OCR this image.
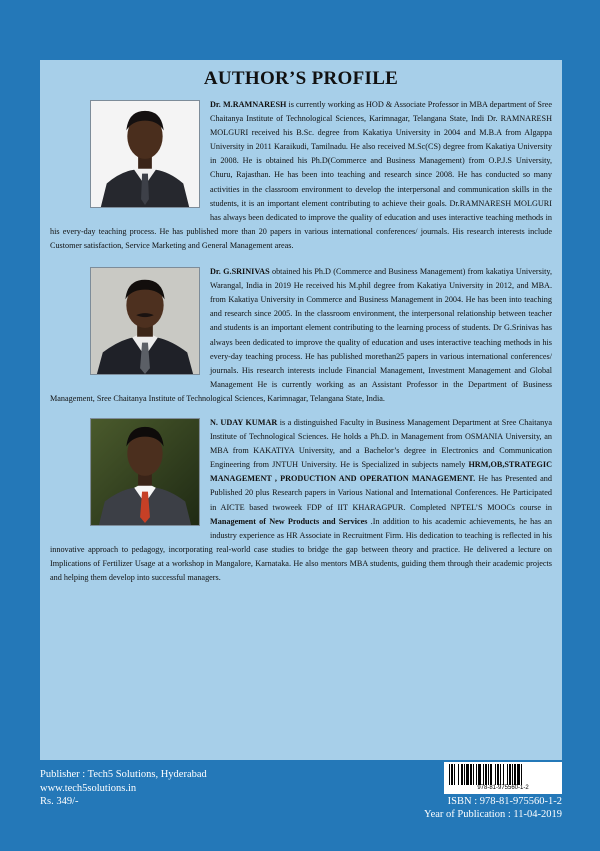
AUTHOR’S PROFILE

Dr. M.RAMNARESH is currently working as HOD & Associate Professor in MBA department of Sree Chaitanya Institute of Technological Sciences, Karimnagar, Telangana State, Indi Dr. RAMNARESH MOLGURI received his B.Sc. degree from Kakatiya University in 2004 and M.B.A from Algappa University in 2011 Karaikudi, Tamilnadu. He also received M.Sc(CS) degree from Kakatiya University in 2008. He is obtained his Ph.D(Commerce and Business Management) from O.P.J.S University, Churu, Rajasthan. He has been into teaching and research since 2008. He has conducted so many activities in the classroom environment to develop the interpersonal and communication skills in the students, it is an important element contributing to achieve their goals. Dr.RAMNARESH MOLGURI has always been dedicated to improve the quality of education and uses interactive teaching methods in his every-day teaching process. He has published more than 20 papers in various international conferences/ journals. His research interests include Customer satisfaction, Service Marketing and General Management areas.

Dr. G.SRINIVAS obtained his Ph.D (Commerce and Business Management) from kakatiya University, Warangal, India in 2019 He received his M.phil degree from Kakatiya University in 2012, and MBA. from Kakatiya University in Commerce and Business Management in 2004. He has been into teaching and research since 2005. In the classroom environment, the interpersonal relationship between teacher and students is an important element contributing to the learning process of students. Dr G.Srinivas has always been dedicated to improve the quality of education and uses interactive teaching methods in his every-day teaching process. He has published morethan25 papers in various international conferences/ journals. His research interests include Financial Management, Investment Management and Global Management He is currently working as an Assistant Professor in the Department of Business Management, Sree Chaitanya Institute of Technological Sciences, Karimnagar, Telangana State, India.

N. UDAY KUMAR is a distinguished Faculty in Business Management Department at Sree Chaitanya Institute of Technological Sciences. He holds a Ph.D. in Management from OSMANIA University, an MBA from KAKATIYA University, and a Bachelor’s degree in Electronics and Communication Engineering from JNTUH University. He is Specialized in subjects namely HRM,OB,STRATEGIC MANAGEMENT , PRODUCTION AND OPERATION MANAGEMENT. He has Presented and Published 20 plus Research papers in Various National and International Conferences. He Participated in AICTE based twoweek FDP of IIT KHARAGPUR. Completed NPTEL’S MOOCs course in Management of New Products and Services .In addition to his academic achievements, he has an industry experience as HR Associate in Recruitment Firm. His dedication to teaching is reflected in his innovative approach to pedagogy, incorporating real-world case studies to bridge the gap between theory and practice. He delivered a lecture on Implications of Fertilizer Usage at a workshop in Mangalore, Karnataka. He also mentors MBA students, guiding them through their academic projects and helping them develop into successful managers.

Publisher : Tech5 Solutions, Hyderabad
www.tech5solutions.in
Rs. 349/-
978-81-975560-1-2
ISBN : 978-81-975560-1-2
Year of Publication : 11-04-2019
